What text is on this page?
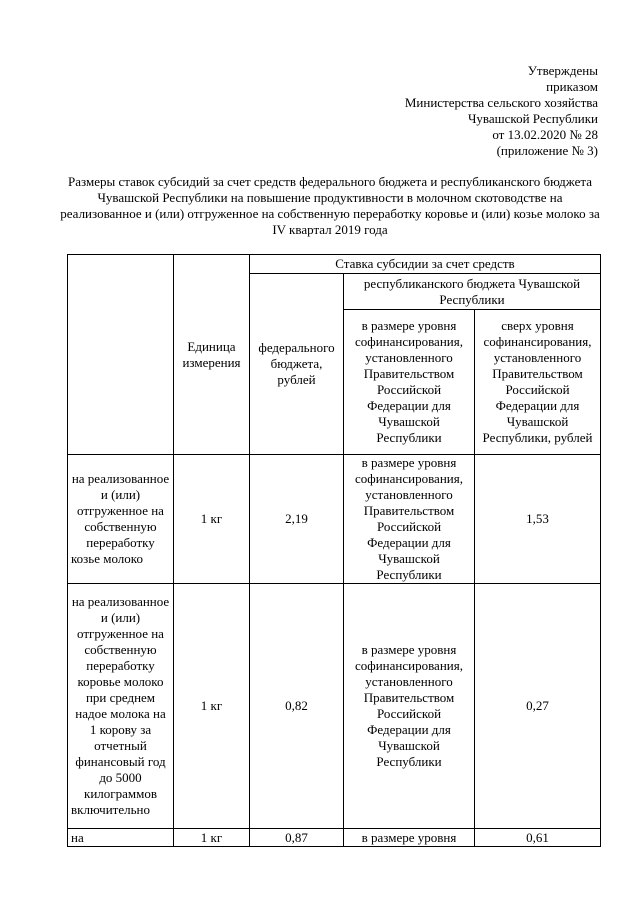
Утверждены
приказом
Министерства сельского хозяйства
Чувашской Республики
от 13.02.2020 № 28
(приложение № 3)
Размеры ставок субсидий за счет средств федерального бюджета и республиканского бюджета Чувашской Республики на повышение продуктивности в молочном скотоводстве на реализованное и (или) отгруженное на собственную переработку коровье и (или) козье молоко за IV квартал 2019 года
	Единица измерения	Ставка субсидии за счет средств		
		федерального бюджета, рублей	республиканского бюджета Чувашской Республики	
			в размере уровня софинансирования, установленного Правительством Российской Федерации для Чувашской Республики	сверх уровня софинансирования, установленного Правительством Российской Федерации для Чувашской Республики, рублей
на реализованное и (или) отгруженное на собственную переработку козье молоко	1 кг	2,19	в размере уровня софинансирования, установленного Правительством Российской Федерации для Чувашской Республики	1,53
на реализованное и (или) отгруженное на собственную переработку коровье молоко при среднем надое молока на 1 корову за отчетный финансовый год до 5000 килограммов включительно	1 кг	0,82	в размере уровня софинансирования, установленного Правительством Российской Федерации для Чувашской Республики	0,27
на	1 кг	0,87	в размере уровня	0,61
